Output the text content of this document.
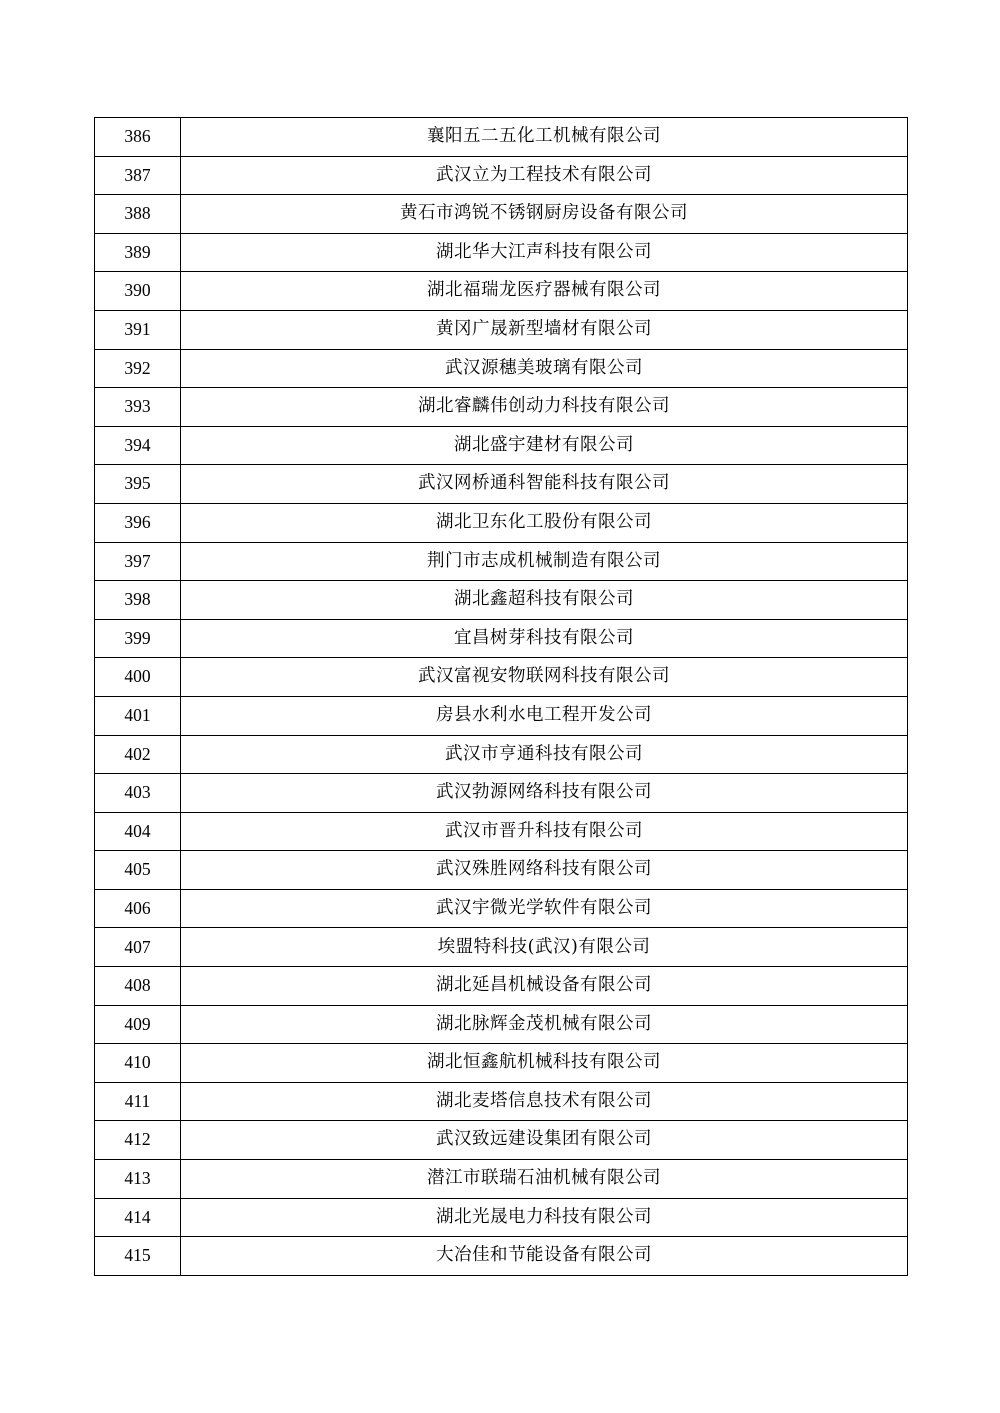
386	襄阳五二五化工机械有限公司
387	武汉立为工程技术有限公司
388	黄石市鸿锐不锈钢厨房设备有限公司
389	湖北华大江声科技有限公司
390	湖北福瑞龙医疗器械有限公司
391	黄冈广晟新型墙材有限公司
392	武汉源穗美玻璃有限公司
393	湖北睿麟伟创动力科技有限公司
394	湖北盛宇建材有限公司
395	武汉网桥通科智能科技有限公司
396	湖北卫东化工股份有限公司
397	荆门市志成机械制造有限公司
398	湖北鑫超科技有限公司
399	宜昌树芽科技有限公司
400	武汉富视安物联网科技有限公司
401	房县水利水电工程开发公司
402	武汉市亨通科技有限公司
403	武汉勃源网络科技有限公司
404	武汉市晋升科技有限公司
405	武汉殊胜网络科技有限公司
406	武汉宇微光学软件有限公司
407	埃盟特科技(武汉)有限公司
408	湖北延昌机械设备有限公司
409	湖北脉辉金茂机械有限公司
410	湖北恒鑫航机械科技有限公司
411	湖北麦塔信息技术有限公司
412	武汉致远建设集团有限公司
413	潜江市联瑞石油机械有限公司
414	湖北光晟电力科技有限公司
415	大冶佳和节能设备有限公司
